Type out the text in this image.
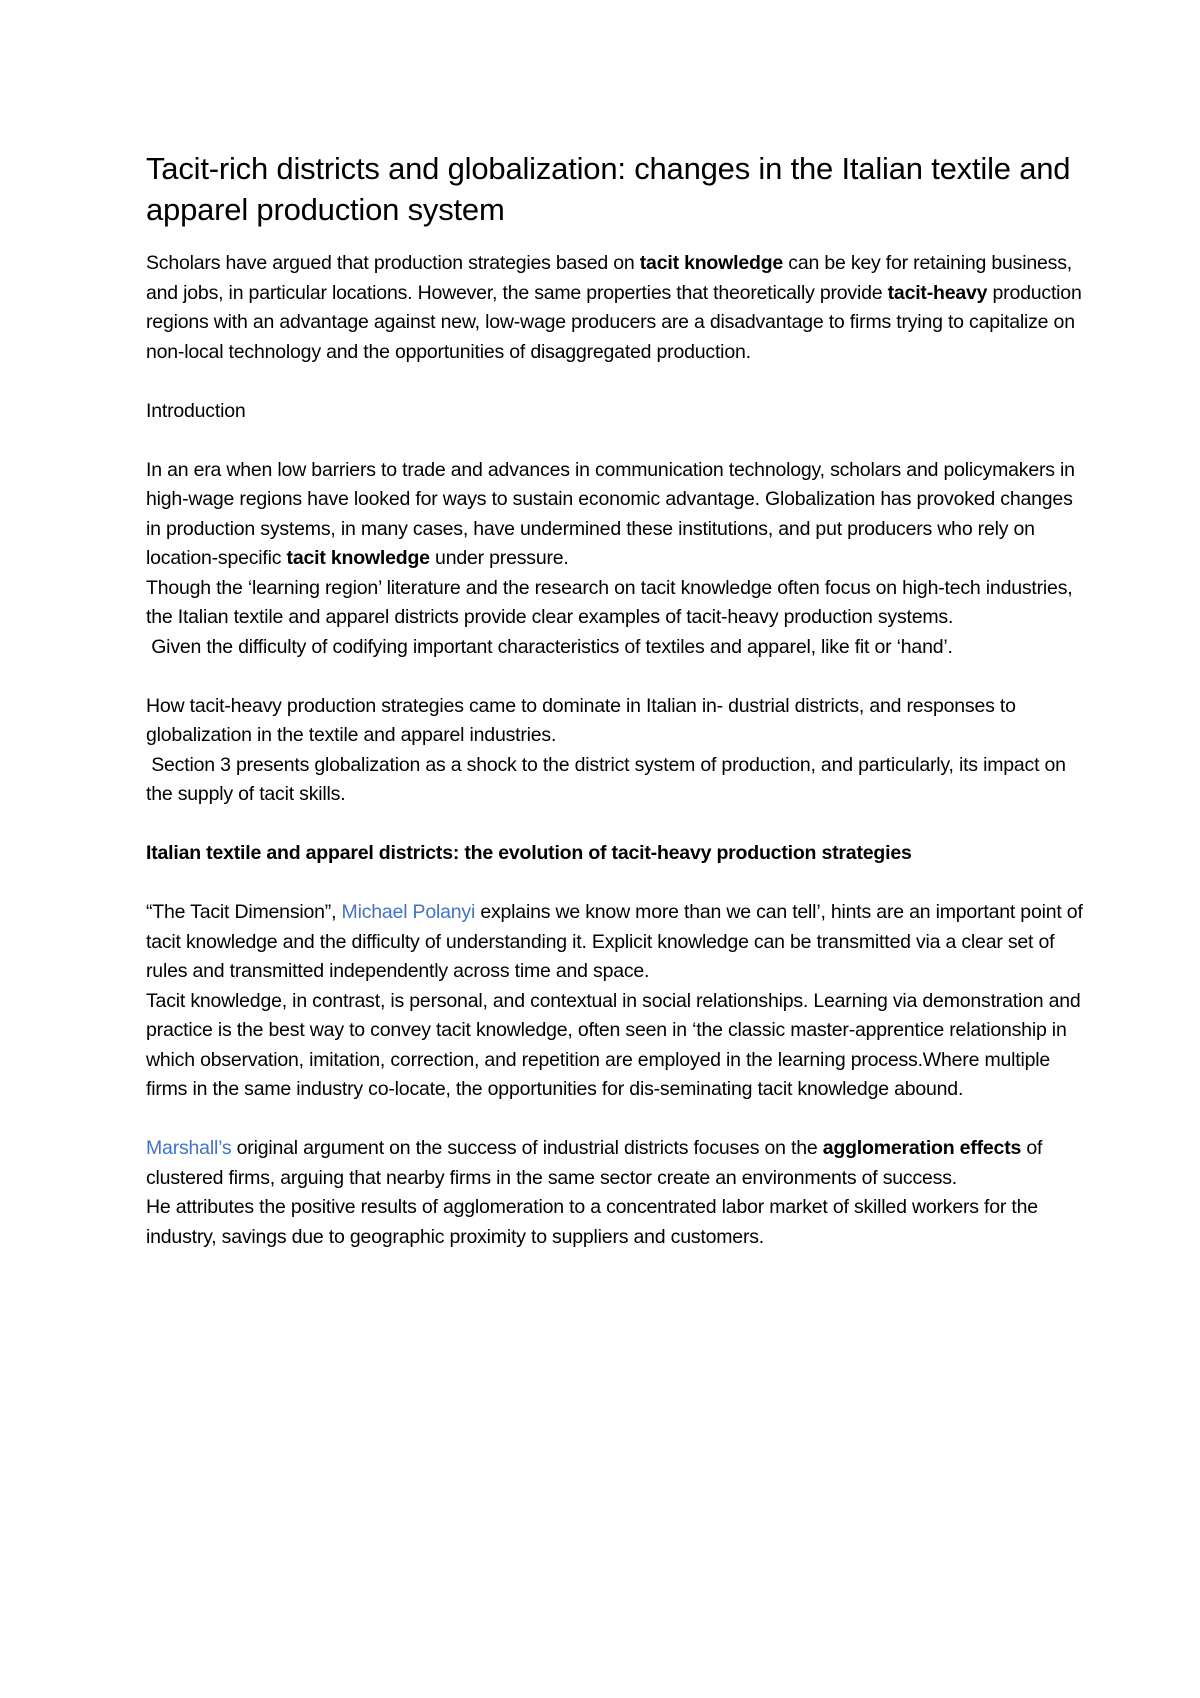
Tacit-rich districts and globalization: changes in the Italian textile and apparel production system

Scholars have argued that production strategies based on tacit knowledge can be key for retaining business, and jobs, in particular locations. However, the same properties that theoretically provide tacit-heavy production regions with an advantage against new, low-wage producers are a disadvantage to firms trying to capitalize on non-local technology and the opportunities of disaggregated production.

Introduction

In an era when low barriers to trade and advances in communication technology, scholars and policymakers in high-wage regions have looked for ways to sustain economic advantage. Globalization has provoked changes in production systems, in many cases, have undermined these institutions, and put producers who rely on location-specific tacit knowledge under pressure.

Though the ‘learning region’ literature and the research on tacit knowledge often focus on high-tech industries, the Italian textile and apparel districts provide clear examples of tacit-heavy production systems.

Given the difficulty of codifying important characteristics of textiles and apparel, like fit or ‘hand’.

How tacit-heavy production strategies came to dominate in Italian in- dustrial districts, and responses to globalization in the textile and apparel industries.

Section 3 presents globalization as a shock to the district system of production, and particularly, its impact on the supply of tacit skills.

Italian textile and apparel districts: the evolution of tacit-heavy production strategies

“The Tacit Dimension”, Michael Polanyi explains we know more than we can tell’, hints are an important point of tacit knowledge and the difficulty of understanding it. Explicit knowledge can be transmitted via a clear set of rules and transmitted independently across time and space.

Tacit knowledge, in contrast, is personal, and contextual in social relationships. Learning via demonstration and practice is the best way to convey tacit knowledge, often seen in ‘the classic master-apprentice relationship in which observation, imitation, correction, and repetition are employed in the learning process.Where multiple firms in the same industry co-locate, the opportunities for dis-seminating tacit knowledge abound.

Marshall’s original argument on the success of industrial districts focuses on the agglomeration effects of clustered firms, arguing that nearby firms in the same sector create an environments of success.

He attributes the positive results of agglomeration to a concentrated labor market of skilled workers for the industry, savings due to geographic proximity to suppliers and customers.
